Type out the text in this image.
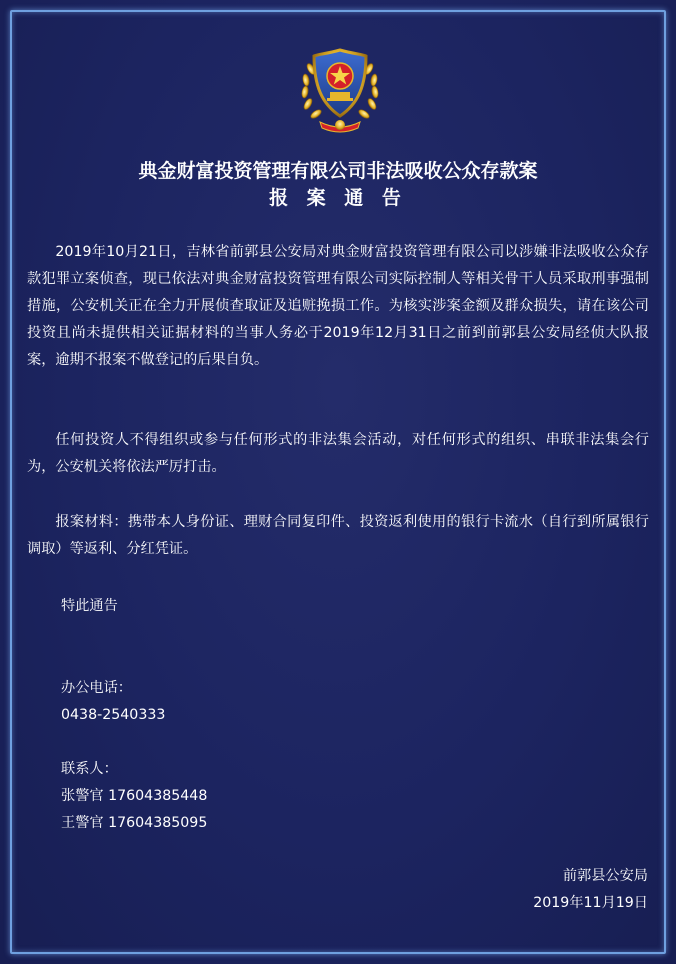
典金财富投资管理有限公司非法吸收公众存款案
报 案 通 告

2019年10月21日，吉林省前郭县公安局对典金财富投资管理有限公司以涉嫌非法吸收公众存款犯罪立案侦查，现已依法对典金财富投资管理有限公司实际控制人等相关骨干人员采取刑事强制措施，公安机关正在全力开展侦查取证及追赃挽损工作。为核实涉案金额及群众损失，请在该公司投资且尚未提供相关证据材料的当事人务必于2019年12月31日之前到前郭县公安局经侦大队报案，逾期不报案不做登记的后果自负。

任何投资人不得组织或参与任何形式的非法集会活动，对任何形式的组织、串联非法集会行为，公安机关将依法严厉打击。

报案材料：携带本人身份证、理财合同复印件、投资返利使用的银行卡流水（自行到所属银行调取）等返利、分红凭证。

特此通告
办公电话：
0438-2540333
联系人：
张警官 17604385448
王警官 17604385095
前郭县公安局
2019年11月19日
